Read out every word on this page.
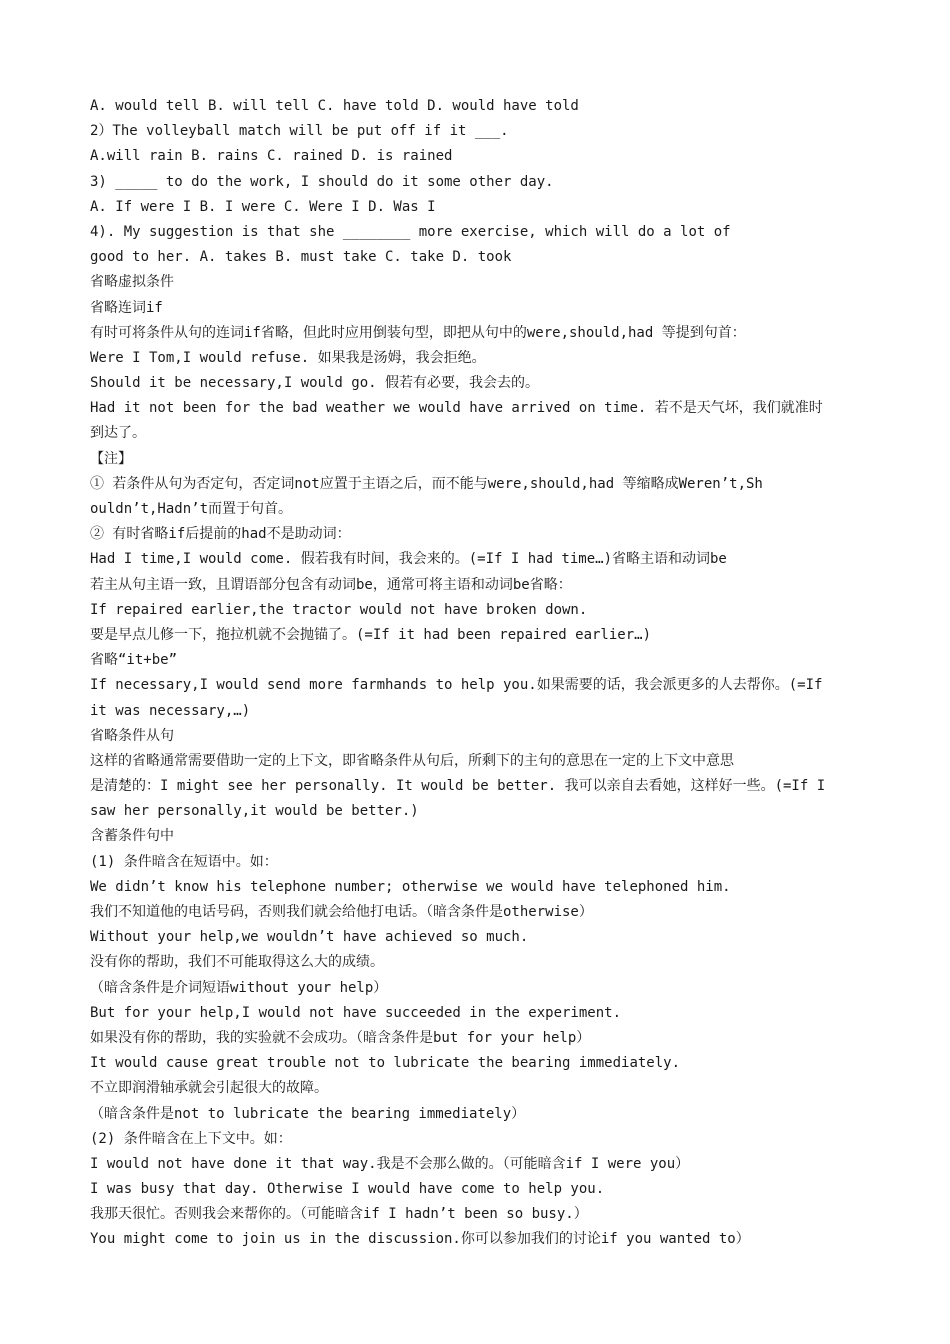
A. would tell B. will tell C. have told D. would have told
2）The volleyball match will be put off if it ___.
A.will rain B. rains C. rained D. is rained
3) _____ to do the work, I should do it some other day.
A. If were I B. I were C. Were I D. Was I
4). My suggestion is that she ________ more exercise, which will do a lot of
good to her. A. takes B. must take C. take D. took
省略虚拟条件
省略连词if
有时可将条件从句的连词if省略，但此时应用倒装句型，即把从句中的were,should,had 等提到句首：
Were I Tom,I would refuse. 如果我是汤姆，我会拒绝。
Should it be necessary,I would go. 假若有必要，我会去的。
Had it not been for the bad weather we would have arrived on time. 若不是天气坏，我们就准时
到达了。
【注】
① 若条件从句为否定句，否定词not应置于主语之后，而不能与were,should,had 等缩略成Weren’t,Sh
ouldn’t,Hadn’t而置于句首。
② 有时省略if后提前的had不是助动词：
Had I time,I would come. 假若我有时间，我会来的。(=If I had time…)省略主语和动词be
若主从句主语一致，且谓语部分包含有动词be，通常可将主语和动词be省略：
If repaired earlier,the tractor would not have broken down.
要是早点儿修一下，拖拉机就不会抛锚了。(=If it had been repaired earlier…)
省略“it+be”
If necessary,I would send more farmhands to help you.如果需要的话，我会派更多的人去帮你。(=If
it was necessary,…)
省略条件从句
这样的省略通常需要借助一定的上下文，即省略条件从句后，所剩下的主句的意思在一定的上下文中意思
是清楚的：I might see her personally. It would be better. 我可以亲自去看她，这样好一些。(=If I
saw her personally,it would be better.)
含蓄条件句中
(1) 条件暗含在短语中。如：
We didn’t know his telephone number; otherwise we would have telephoned him.
我们不知道他的电话号码，否则我们就会给他打电话。（暗含条件是otherwise）
Without your help,we wouldn’t have achieved so much.
没有你的帮助，我们不可能取得这么大的成绩。
（暗含条件是介词短语without your help）
But for your help,I would not have succeeded in the experiment.
如果没有你的帮助，我的实验就不会成功。（暗含条件是but for your help）
It would cause great trouble not to lubricate the bearing immediately.
不立即润滑轴承就会引起很大的故障。
（暗含条件是not to lubricate the bearing immediately）
(2) 条件暗含在上下文中。如：
I would not have done it that way.我是不会那么做的。（可能暗含if I were you）
I was busy that day. Otherwise I would have come to help you.
我那天很忙。否则我会来帮你的。（可能暗含if I hadn’t been so busy.）
You might come to join us in the discussion.你可以参加我们的讨论if you wanted to）
